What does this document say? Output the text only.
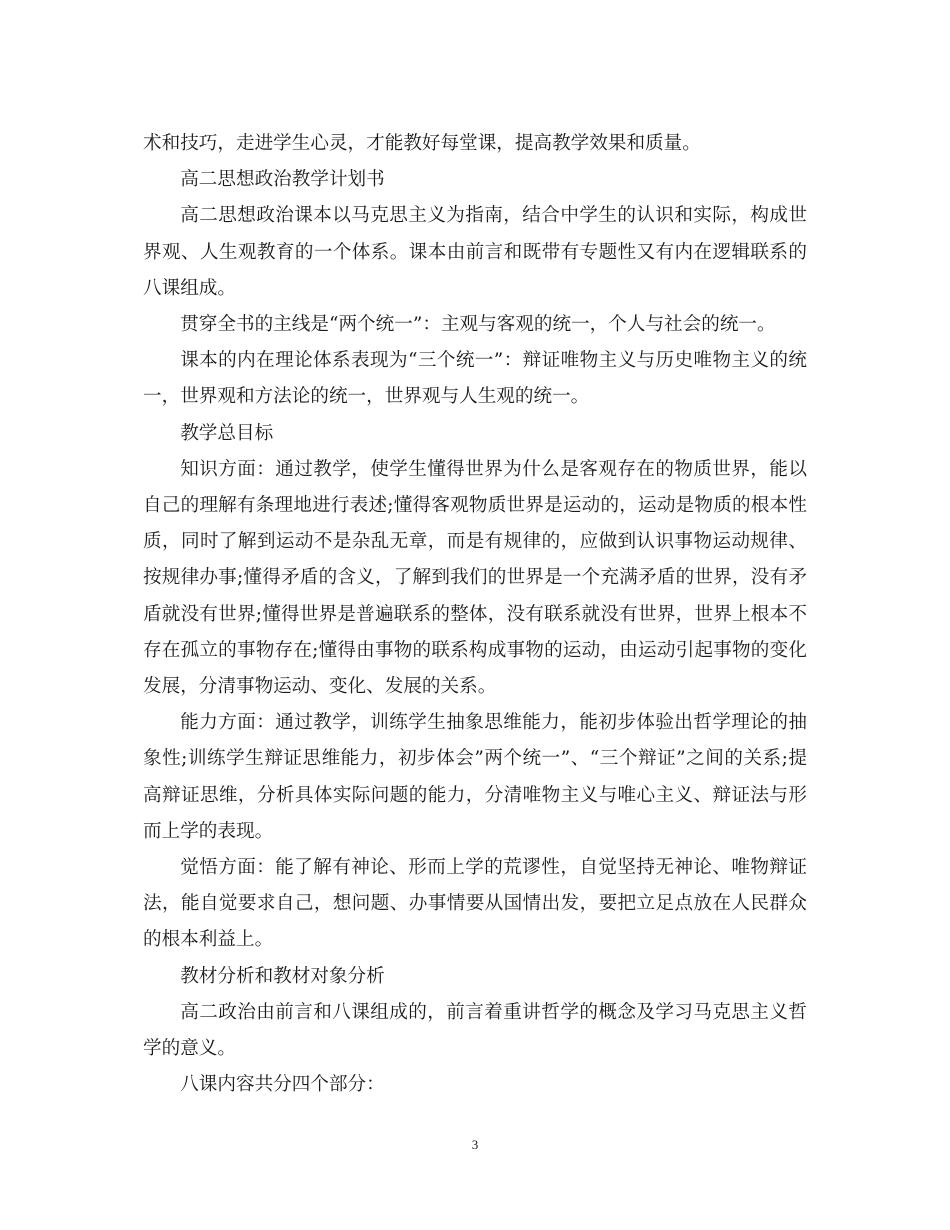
术和技巧，走进学生心灵，才能教好每堂课，提高教学效果和质量。

高二思想政治教学计划书

高二思想政治课本以马克思主义为指南，结合中学生的认识和实际，构成世界观、人生观教育的一个体系。课本由前言和既带有专题性又有内在逻辑联系的八课组成。

贯穿全书的主线是“两个统一”：主观与客观的统一，个人与社会的统一。

课本的内在理论体系表现为“三个统一”：辩证唯物主义与历史唯物主义的统一，世界观和方法论的统一，世界观与人生观的统一。

教学总目标

知识方面：通过教学，使学生懂得世界为什么是客观存在的物质世界，能以自己的理解有条理地进行表述;懂得客观物质世界是运动的，运动是物质的根本性质，同时了解到运动不是杂乱无章，而是有规律的，应做到认识事物运动规律、按规律办事;懂得矛盾的含义，了解到我们的世界是一个充满矛盾的世界，没有矛盾就没有世界;懂得世界是普遍联系的整体，没有联系就没有世界，世界上根本不存在孤立的事物存在;懂得由事物的联系构成事物的运动，由运动引起事物的变化发展，分清事物运动、变化、发展的关系。

能力方面：通过教学，训练学生抽象思维能力，能初步体验出哲学理论的抽象性;训练学生辩证思维能力，初步体会”两个统一”、“三个辩证”之间的关系;提高辩证思维，分析具体实际问题的能力，分清唯物主义与唯心主义、辩证法与形而上学的表现。

觉悟方面：能了解有神论、形而上学的荒谬性，自觉坚持无神论、唯物辩证法，能自觉要求自己，想问题、办事情要从国情出发，要把立足点放在人民群众的根本利益上。

教材分析和教材对象分析

高二政治由前言和八课组成的，前言着重讲哲学的概念及学习马克思主义哲学的意义。

八课内容共分四个部分：

3
